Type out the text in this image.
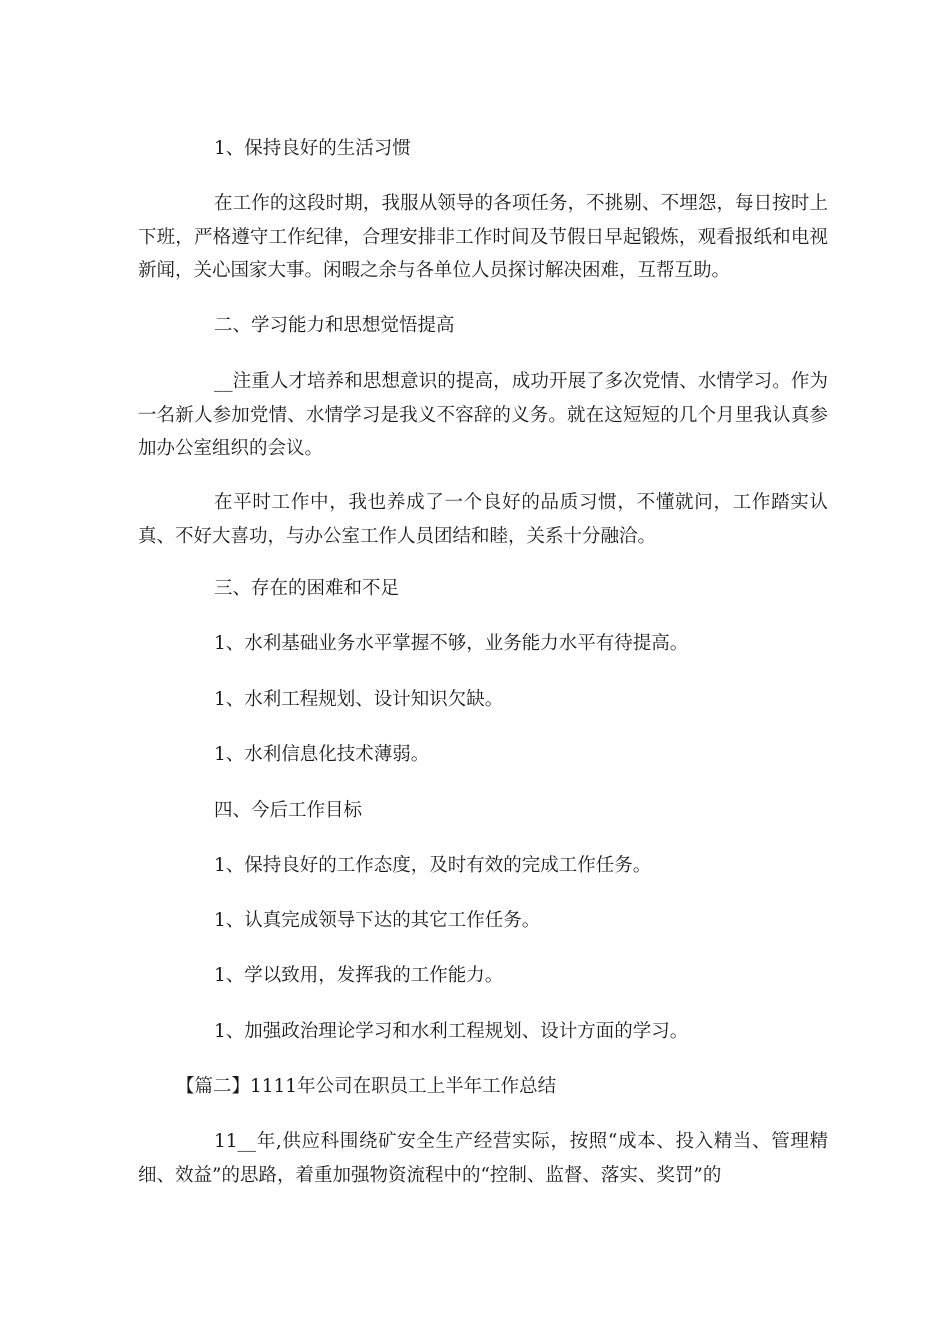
1、保持良好的生活习惯

在工作的这段时期，我服从领导的各项任务，不挑剔、不埋怨，每日按时上下班，严格遵守工作纪律，合理安排非工作时间及节假日早起锻炼，观看报纸和电视新闻，关心国家大事。闲暇之余与各单位人员探讨解决困难，互帮互助。

二、学习能力和思想觉悟提高

__注重人才培养和思想意识的提高，成功开展了多次党情、水情学习。作为一名新人参加党情、水情学习是我义不容辞的义务。就在这短短的几个月里我认真参加办公室组织的会议。

在平时工作中，我也养成了一个良好的品质习惯，不懂就问，工作踏实认真、不好大喜功，与办公室工作人员团结和睦，关系十分融洽。

三、存在的困难和不足

1、水利基础业务水平掌握不够，业务能力水平有待提高。

1、水利工程规划、设计知识欠缺。

1、水利信息化技术薄弱。

四、今后工作目标

1、保持良好的工作态度，及时有效的完成工作任务。

1、认真完成领导下达的其它工作任务。

1、学以致用，发挥我的工作能力。

1、加强政治理论学习和水利工程规划、设计方面的学习。

【篇二】1111年公司在职员工上半年工作总结

11__年,供应科围绕矿安全生产经营实际，按照“成本、投入精当、管理精细、效益”的思路，着重加强物资流程中的“控制、监督、落实、奖罚”的
